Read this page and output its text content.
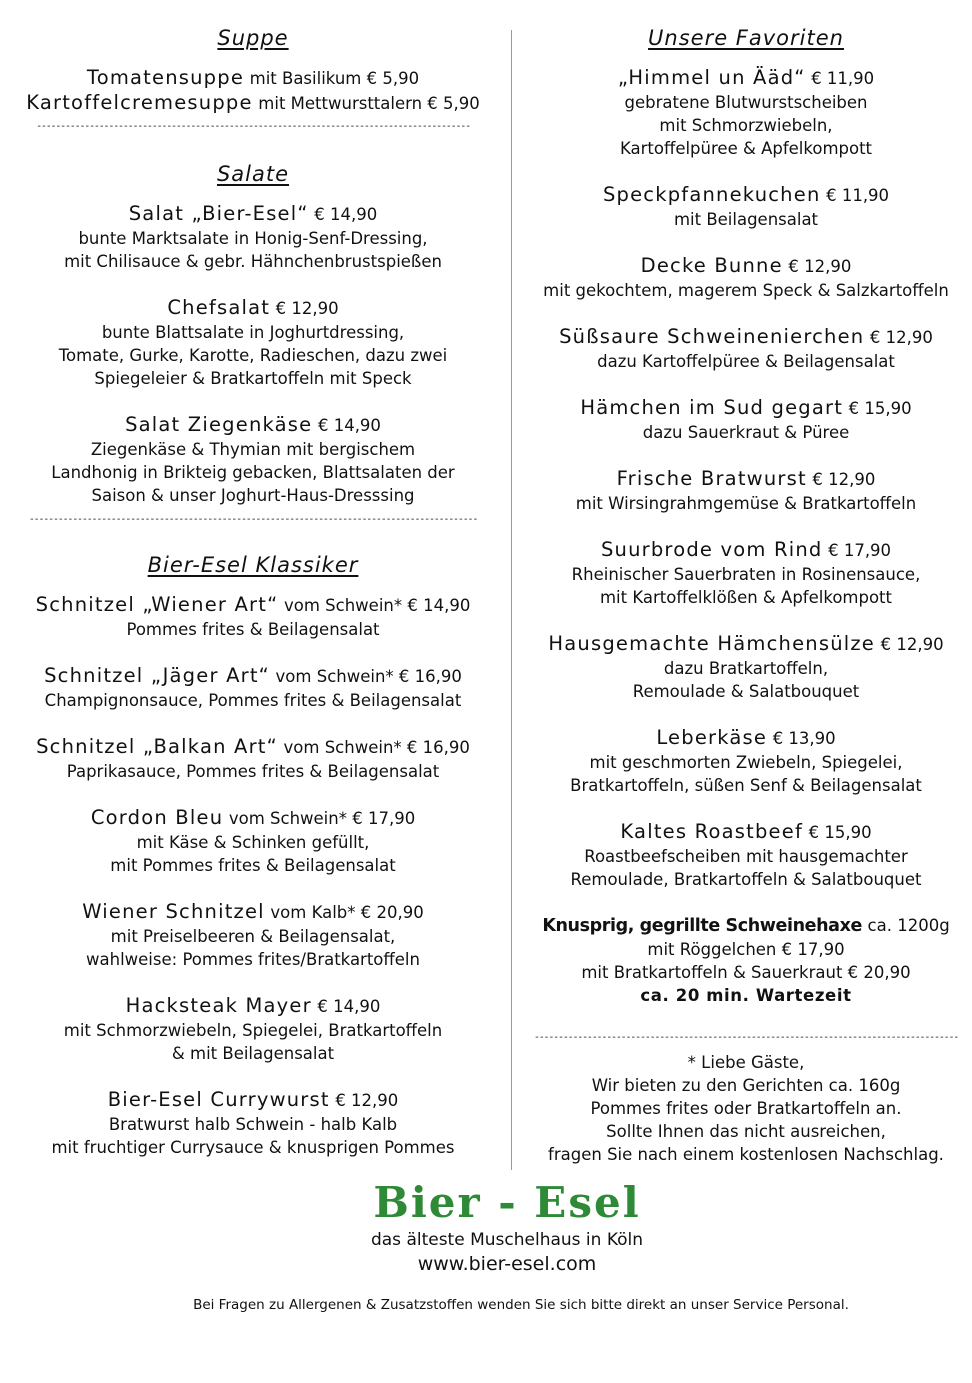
Suppe

Tomatensuppe mit Basilikum € 5,90

Kartoffelcremesuppe mit Mettwursttalern € 5,90

------------------------------------------------------------------------------------------

Salate

Salat „Bier-Esel“ € 14,90

bunte Marktsalate in Honig-Senf-Dressing,

mit Chilisauce & gebr. Hähnchenbrustspießen

Chefsalat € 12,90

bunte Blattsalate in Joghurtdressing,

Tomate, Gurke, Karotte, Radieschen, dazu zwei

Spiegeleier & Bratkartoffeln mit Speck

Salat Ziegenkäse € 14,90

Ziegenkäse & Thymian mit bergischem

Landhonig in Brikteig gebacken, Blattsalaten der

Saison & unser Joghurt-Haus-Dresssing

---------------------------------------------------------------------------------------------

Bier-Esel Klassiker

Schnitzel „Wiener Art“ vom Schwein* € 14,90

Pommes frites & Beilagensalat

Schnitzel „Jäger Art“ vom Schwein* € 16,90

Champignonsauce, Pommes frites & Beilagensalat

Schnitzel „Balkan Art“ vom Schwein* € 16,90

Paprikasauce, Pommes frites & Beilagensalat

Cordon Bleu vom Schwein* € 17,90

mit Käse & Schinken gefüllt,

mit Pommes frites & Beilagensalat

Wiener Schnitzel vom Kalb* € 20,90

mit Preiselbeeren & Beilagensalat,

wahlweise: Pommes frites/Bratkartoffeln

Hacksteak Mayer € 14,90

mit Schmorzwiebeln, Spiegelei, Bratkartoffeln

& mit Beilagensalat

Bier-Esel Currywurst € 12,90

Bratwurst halb Schwein - halb Kalb

mit fruchtiger Currysauce & knusprigen Pommes

Unsere Favoriten

„Himmel un Ääd“ € 11,90

gebratene Blutwurstscheiben

mit Schmorzwiebeln,

Kartoffelpüree & Apfelkompott

Speckpfannekuchen € 11,90

mit Beilagensalat

Decke Bunne € 12,90

mit gekochtem, magerem Speck & Salzkartoffeln

Süßsaure Schweinenierchen € 12,90

dazu Kartoffelpüree & Beilagensalat

Hämchen im Sud gegart € 15,90

dazu Sauerkraut & Püree

Frische Bratwurst € 12,90

mit Wirsingrahmgemüse & Bratkartoffeln

Suurbrode vom Rind € 17,90

Rheinischer Sauerbraten in Rosinensauce,

mit Kartoffelklößen & Apfelkompott

Hausgemachte Hämchensülze € 12,90

dazu Bratkartoffeln,

Remoulade & Salatbouquet

Leberkäse € 13,90

mit geschmorten Zwiebeln, Spiegelei,

Bratkartoffeln, süßen Senf & Beilagensalat

Kaltes Roastbeef € 15,90

Roastbeefscheiben mit hausgemachter

Remoulade, Bratkartoffeln & Salatbouquet

Knusprig, gegrillte Schweinehaxe ca. 1200g

mit Röggelchen € 17,90

mit Bratkartoffeln & Sauerkraut € 20,90

ca. 20 min. Wartezeit

----------------------------------------------------------------------------------------

* Liebe Gäste,

Wir bieten zu den Gerichten ca. 160g

Pommes frites oder Bratkartoffeln an.

Sollte Ihnen das nicht ausreichen,

fragen Sie nach einem kostenlosen Nachschlag.

Bier - Esel

das älteste Muschelhaus in Köln

www.bier-esel.com

Bei Fragen zu Allergenen & Zusatzstoffen wenden Sie sich bitte direkt an unser Service Personal.
